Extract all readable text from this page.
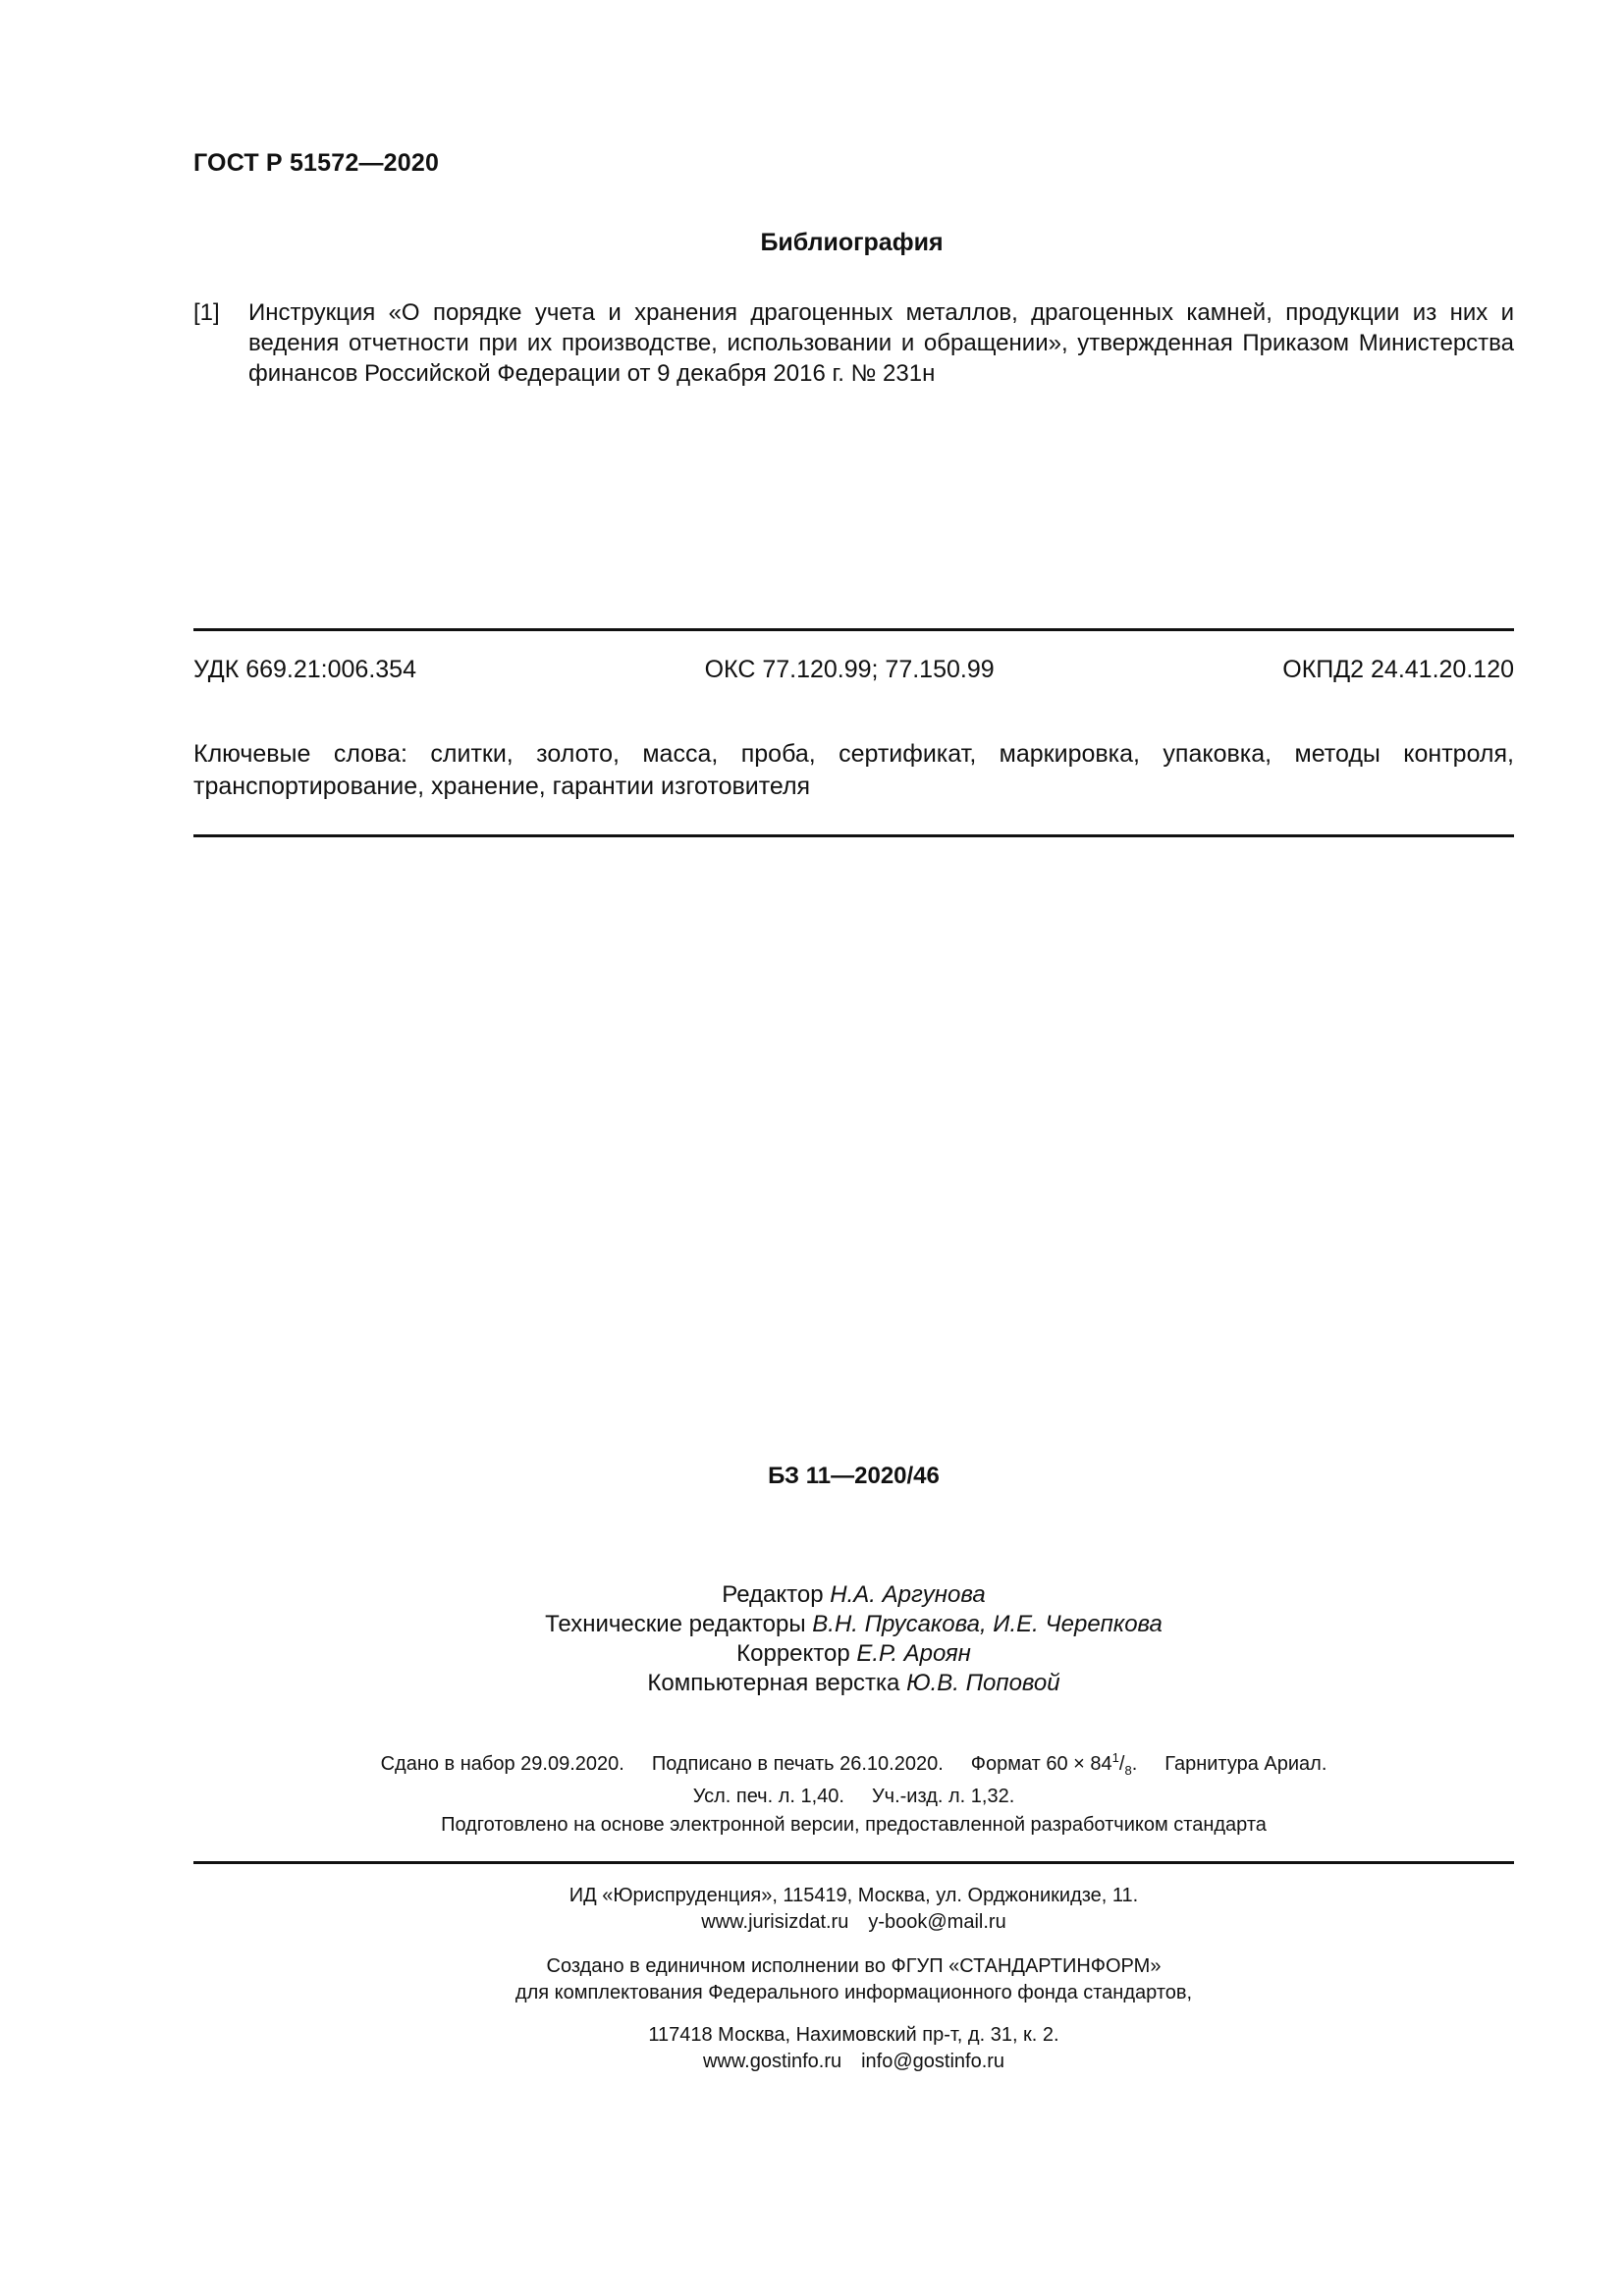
ГОСТ Р 51572—2020
Библиография
[1] Инструкция «О порядке учета и хранения драгоценных металлов, драгоценных камней, продукции из них и ведения отчетности при их производстве, использовании и обращении», утвержденная Приказом Министерства финансов Российской Федерации от 9 декабря 2016 г. № 231н
УДК 669.21:006.354	ОКС 77.120.99; 77.150.99	ОКПД2 24.41.20.120
Ключевые слова: слитки, золото, масса, проба, сертификат, маркировка, упаковка, методы контроля, транспортирование, хранение, гарантии изготовителя
БЗ 11—2020/46
Редактор Н.А. Аргунова
Технические редакторы В.Н. Прусакова, И.Е. Черепкова
Корректор Е.Р. Ароян
Компьютерная верстка Ю.В. Поповой
Сдано в набор 29.09.2020. Подписано в печать 26.10.2020. Формат $60 \times 84^1/_8$. Гарнитура Ариал.
Усл. печ. л. 1,40. Уч.-изд. л. 1,32.
Подготовлено на основе электронной версии, предоставленной разработчиком стандарта
ИД «Юриспруденция», 115419, Москва, ул. Орджоникидзе, 11.
www.jurisizdat.ru y-book@mail.ru
Создано в единичном исполнении во ФГУП «СТАНДАРТИНФОРМ»
для комплектования Федерального информационного фонда стандартов,
117418 Москва, Нахимовский пр-т, д. 31, к. 2.
www.gostinfo.ru info@gostinfo.ru
